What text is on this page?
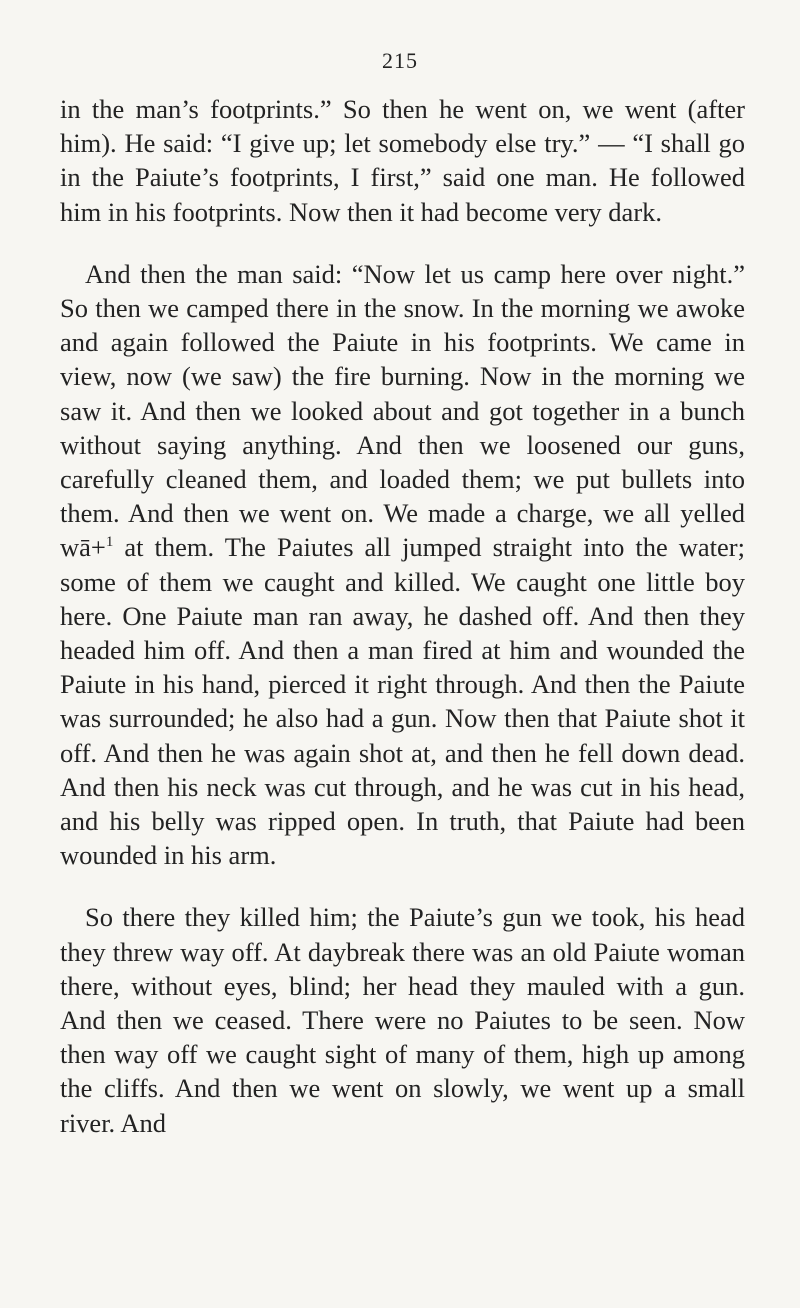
215

in the man’s footprints.” So then he went on, we went (after him). He said: “I give up; let somebody else try.” — “I shall go in the Paiute’s footprints, I first,” said one man. He followed him in his footprints. Now then it had become very dark.

And then the man said: “Now let us camp here over night.” So then we camped there in the snow. In the morning we awoke and again followed the Paiute in his footprints. We came in view, now (we saw) the fire burning. Now in the morning we saw it. And then we looked about and got together in a bunch without saying anything. And then we loosened our guns, carefully cleaned them, and loaded them; we put bullets into them. And then we went on. We made a charge, we all yelled wā+$^1$ at them. The Paiutes all jumped straight into the water; some of them we caught and killed. We caught one little boy here. One Paiute man ran away, he dashed off. And then they headed him off. And then a man fired at him and wounded the Paiute in his hand, pierced it right through. And then the Paiute was surrounded; he also had a gun. Now then that Paiute shot it off. And then he was again shot at, and then he fell down dead. And then his neck was cut through, and he was cut in his head, and his belly was ripped open. In truth, that Paiute had been wounded in his arm.

So there they killed him; the Paiute’s gun we took, his head they threw way off. At daybreak there was an old Paiute woman there, without eyes, blind; her head they mauled with a gun. And then we ceased. There were no Paiutes to be seen. Now then way off we caught sight of many of them, high up among the cliffs. And then we went on slowly, we went up a small river. And
